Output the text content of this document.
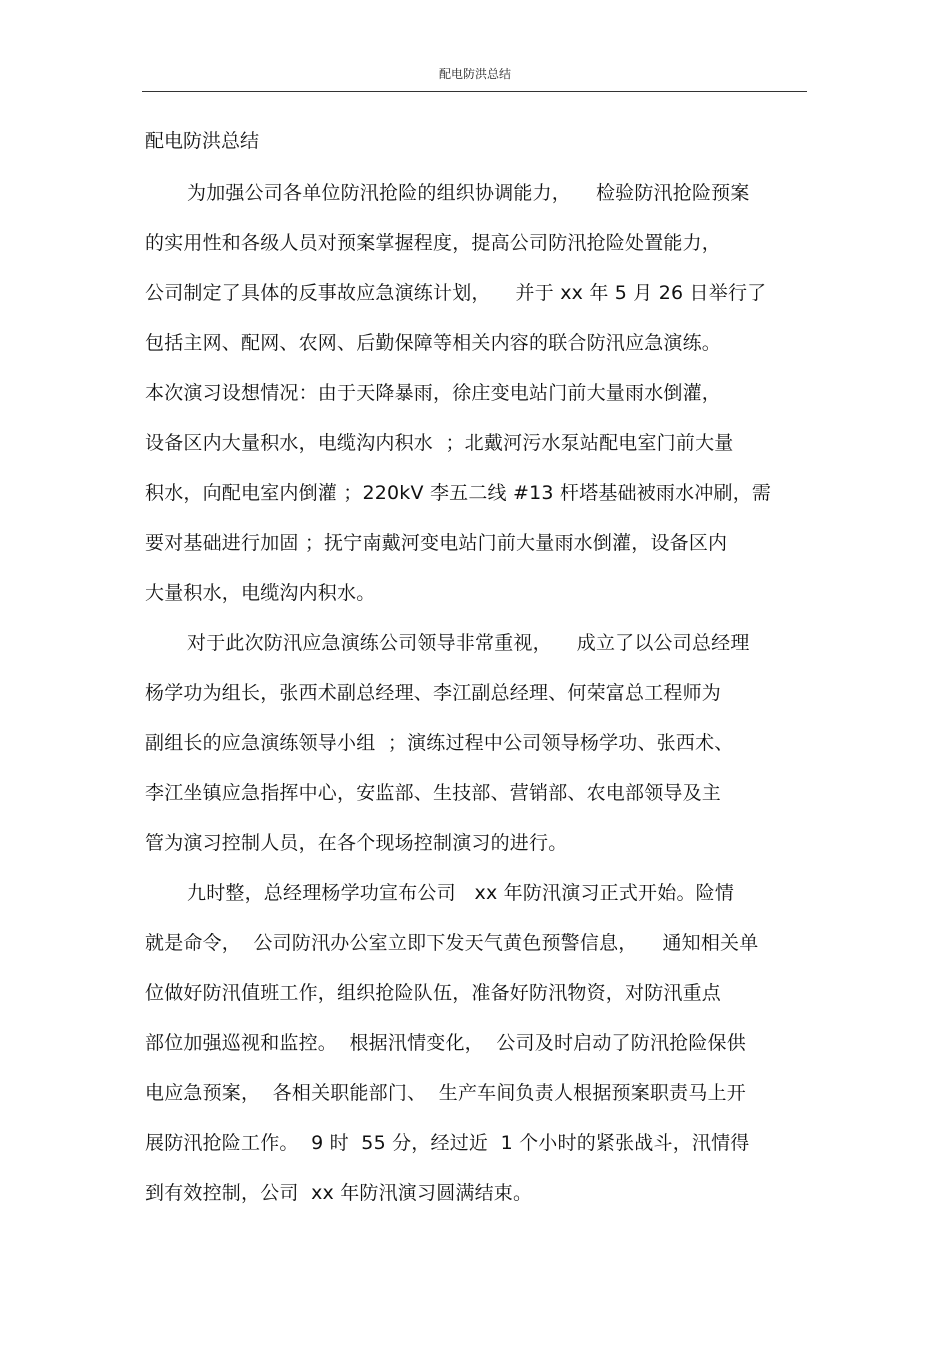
配电防洪总结
配电防洪总结
为加强公司各单位防汛抢险的组织协调能力，    检验防汛抢险预案
的实用性和各级人员对预案掌握程度，提高公司防汛抢险处置能力，
公司制定了具体的反事故应急演练计划，    并于 xx 年 5 月 26 日举行了
包括主网、配网、农网、后勤保障等相关内容的联合防汛应急演练。
本次演习设想情况：由于天降暴雨，徐庄变电站门前大量雨水倒灌，
设备区内大量积水，电缆沟内积水  ；北戴河污水泵站配电室门前大量
积水，向配电室内倒灌 ；220kV 李五二线 #13 杆塔基础被雨水冲刷，需
要对基础进行加固 ；抚宁南戴河变电站门前大量雨水倒灌，设备区内
大量积水，电缆沟内积水。
对于此次防汛应急演练公司领导非常重视，    成立了以公司总经理
杨学功为组长，张西术副总经理、李江副总经理、何荣富总工程师为
副组长的应急演练领导小组  ；演练过程中公司领导杨学功、张西术、
李江坐镇应急指挥中心，安监部、生技部、营销部、农电部领导及主
管为演习控制人员，在各个现场控制演习的进行。
九时整，总经理杨学功宣布公司   xx 年防汛演习正式开始。险情
就是命令，  公司防汛办公室立即下发天气黄色预警信息，    通知相关单
位做好防汛值班工作，组织抢险队伍，准备好防汛物资，对防汛重点
部位加强巡视和监控。  根据汛情变化，  公司及时启动了防汛抢险保供
电应急预案，  各相关职能部门、  生产车间负责人根据预案职责马上开
展防汛抢险工作。  9 时  55 分，经过近  1 个小时的紧张战斗，汛情得
到有效控制，公司  xx 年防汛演习圆满结束。
